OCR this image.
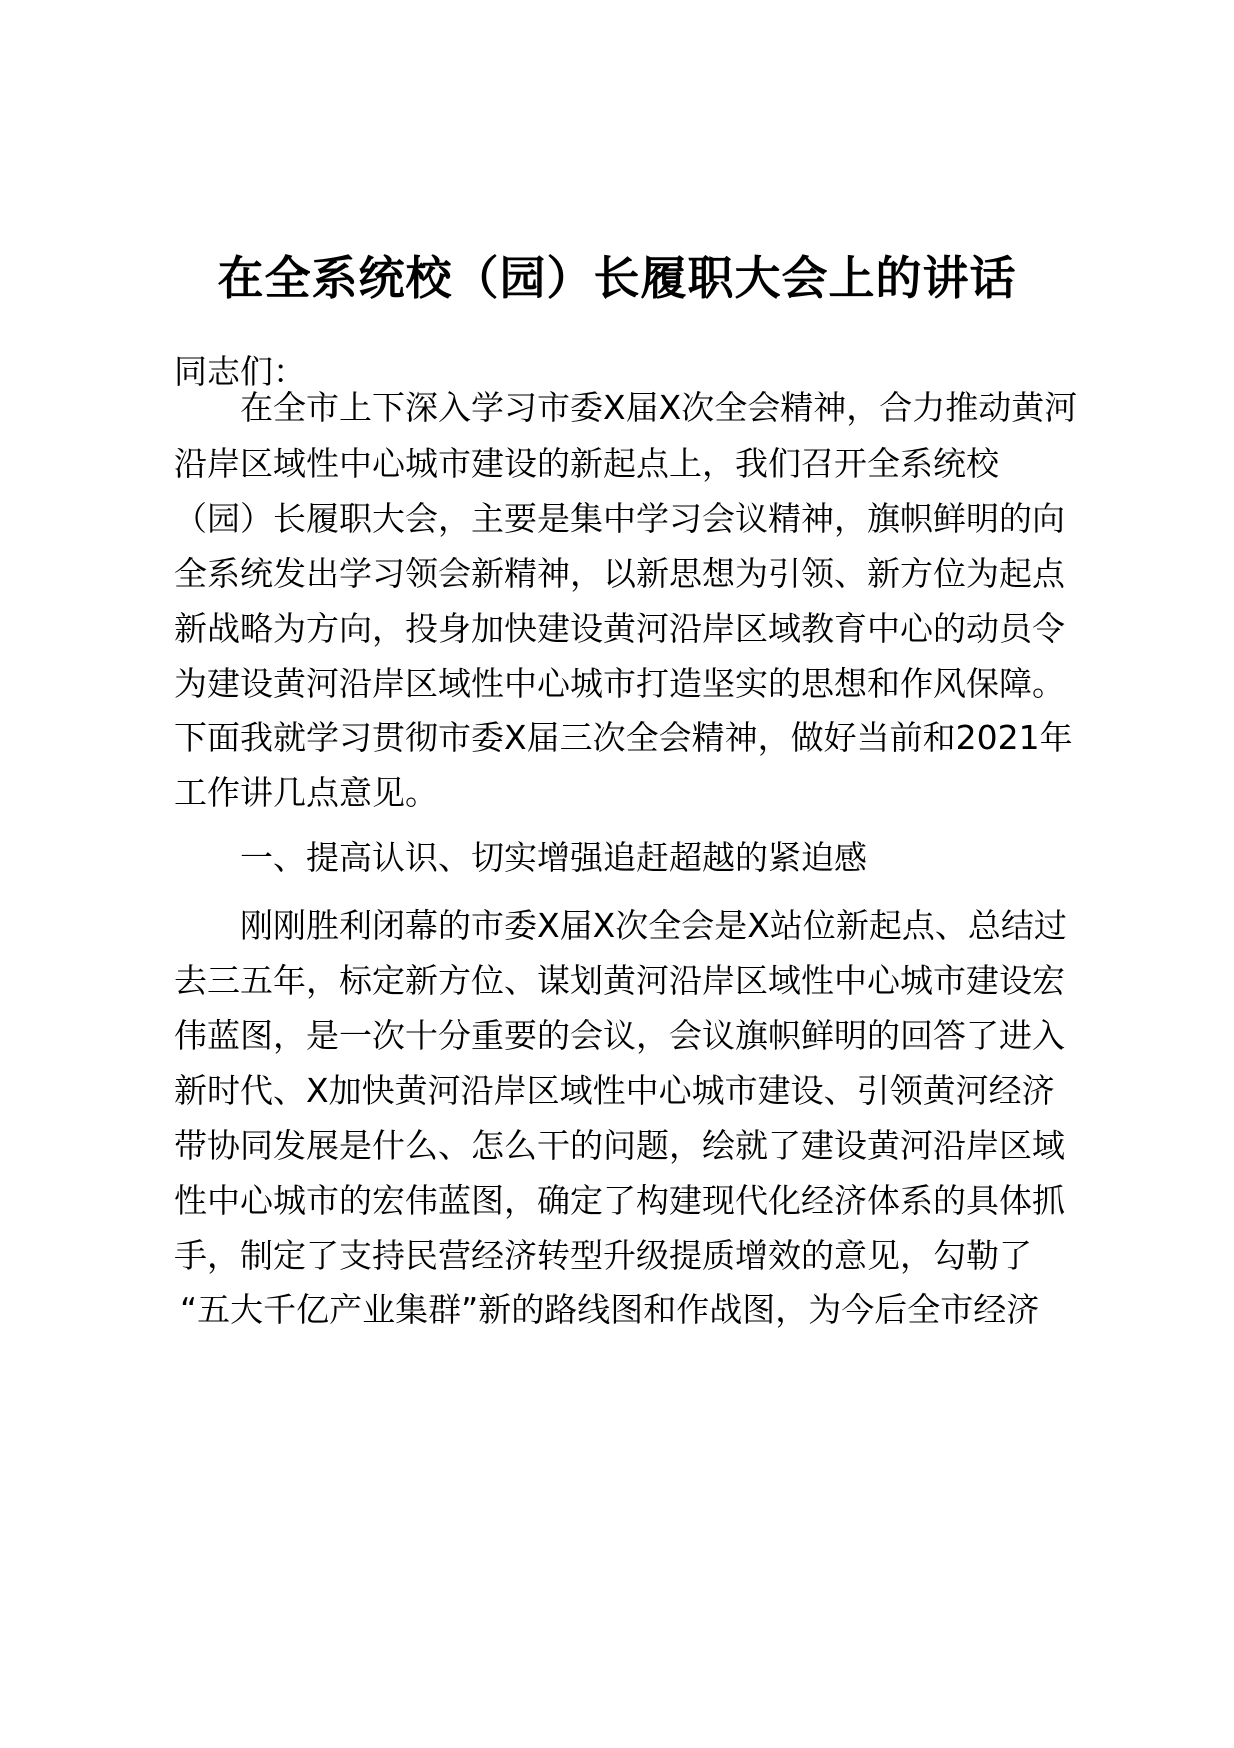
在全系统校（园）长履职大会上的讲话
同志们：
在全市上下深入学习市委X届X次全会精神，合力推动黄河
沿岸区域性中心城市建设的新起点上，我们召开全系统校
（园）长履职大会，主要是集中学习会议精神，旗帜鲜明的向
全系统发出学习领会新精神，以新思想为引领、新方位为起点
新战略为方向，投身加快建设黄河沿岸区域教育中心的动员令
为建设黄河沿岸区域性中心城市打造坚实的思想和作风保障。
下面我就学习贯彻市委X届三次全会精神，做好当前和2021年
工作讲几点意见。
一、提高认识、切实增强追赶超越的紧迫感
刚刚胜利闭幕的市委X届X次全会是X站位新起点、总结过
去三五年，标定新方位、谋划黄河沿岸区域性中心城市建设宏
伟蓝图，是一次十分重要的会议，会议旗帜鲜明的回答了进入
新时代、X加快黄河沿岸区域性中心城市建设、引领黄河经济
带协同发展是什么、怎么干的问题，绘就了建设黄河沿岸区域
性中心城市的宏伟蓝图，确定了构建现代化经济体系的具体抓
手，制定了支持民营经济转型升级提质增效的意见，勾勒了
“五大千亿产业集群”新的路线图和作战图，为今后全市经济
